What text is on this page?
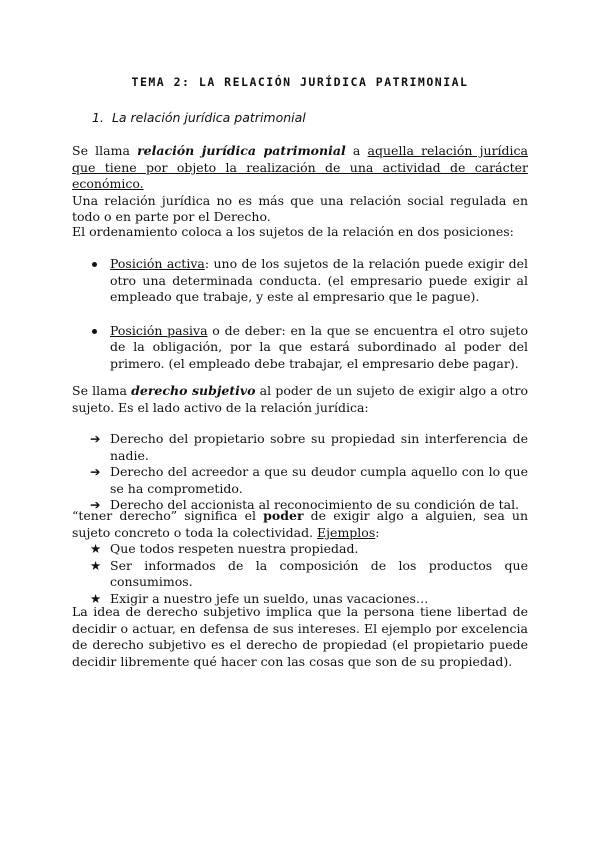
TEMA 2: LA RELACIÓN JURÍDICA PATRIMONIAL
1. La relación jurídica patrimonial
Se llama relación jurídica patrimonial a aquella relación jurídica que tiene por objeto la realización de una actividad de carácter económico.
Una relación jurídica no es más que una relación social regulada en todo o en parte por el Derecho.
El ordenamiento coloca a los sujetos de la relación en dos posiciones:
Posición activa: uno de los sujetos de la relación puede exigir del otro una determinada conducta. (el empresario puede exigir al empleado que trabaje, y este al empresario que le pague).
Posición pasiva o de deber: en la que se encuentra el otro sujeto de la obligación, por la que estará subordinado al poder del primero. (el empleado debe trabajar, el empresario debe pagar).
Se llama derecho subjetivo al poder de un sujeto de exigir algo a otro sujeto. Es el lado activo de la relación jurídica:
➔ Derecho del propietario sobre su propiedad sin interferencia de nadie.
➔ Derecho del acreedor a que su deudor cumpla aquello con lo que se ha comprometido.
➔ Derecho del accionista al reconocimiento de su condición de tal.
“tener derecho” significa el poder de exigir algo a alguien, sea un sujeto concreto o toda la colectividad. Ejemplos:
★ Que todos respeten nuestra propiedad.
★ Ser informados de la composición de los productos que consumimos.
★ Exigir a nuestro jefe un sueldo, unas vacaciones…
La idea de derecho subjetivo implica que la persona tiene libertad de decidir o actuar, en defensa de sus intereses. El ejemplo por excelencia de derecho subjetivo es el derecho de propiedad (el propietario puede decidir libremente qué hacer con las cosas que son de su propiedad).
